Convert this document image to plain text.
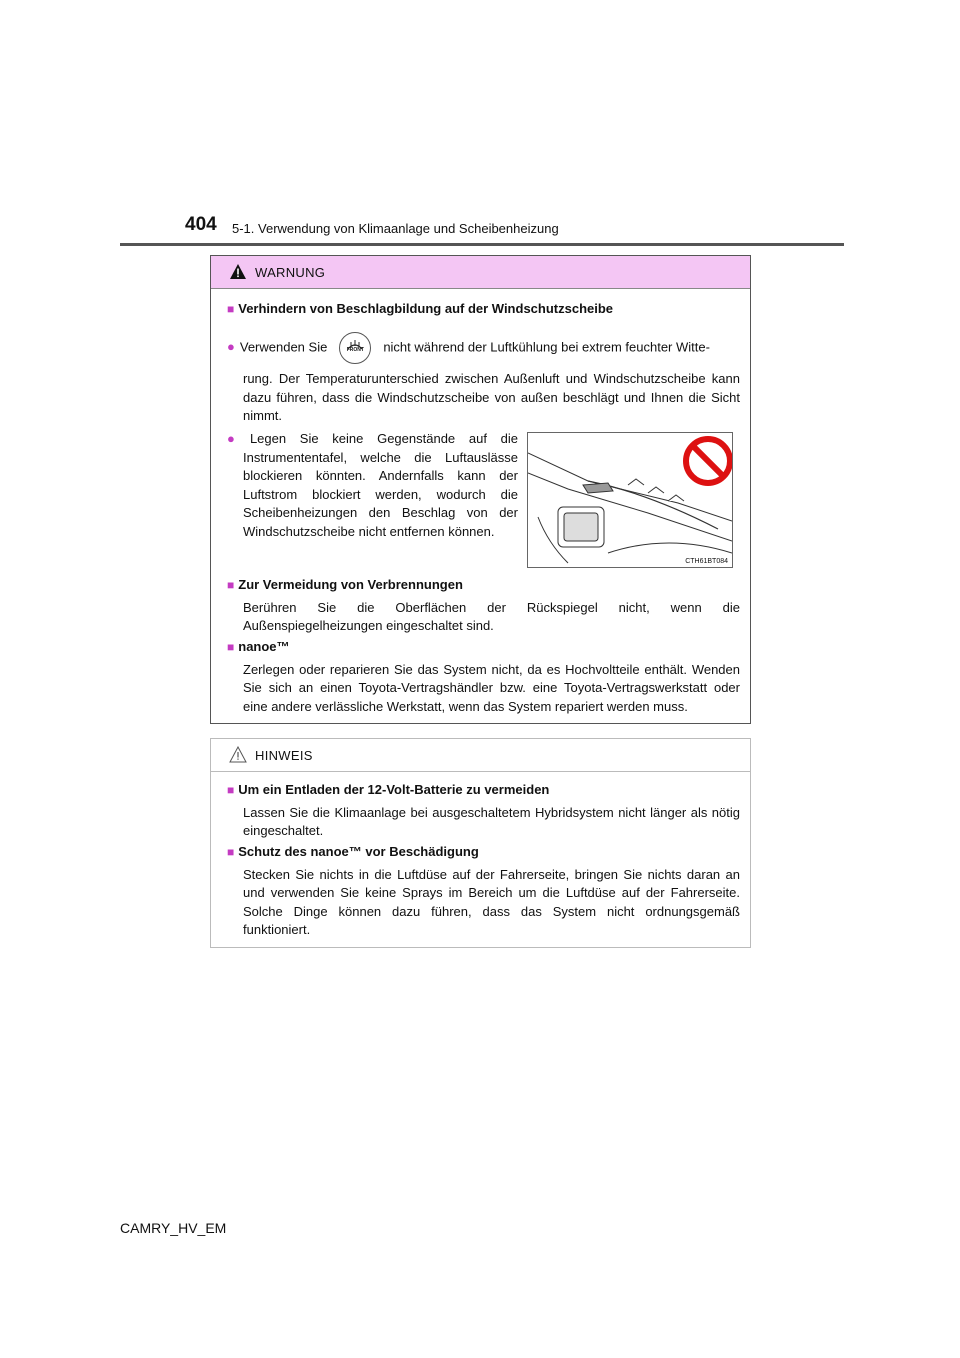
404 5-1. Verwendung von Klimaanlage und Scheibenheizung
WARNUNG
■ Verhindern von Beschlagbildung auf der Windschutzscheibe
● Verwenden Sie	FRONT	nicht während der Luftkühlung bei extrem feuchter Witte-
rung. Der Temperaturunterschied zwischen Außenluft und Windschutzscheibe kann dazu führen, dass die Windschutzscheibe von außen beschlägt und Ihnen die Sicht nimmt.
● Legen Sie keine Gegenstände auf die Instrumententafel, welche die Luftauslässe blockieren könnten. Andernfalls kann der Luftstrom blockiert werden, wodurch die Scheibenheizungen den Beschlag von der Windschutzscheibe nicht entfernen können.
CTH61BT084
■ Zur Vermeidung von Verbrennungen
Berühren Sie die Oberflächen der Rückspiegel nicht, wenn die Außenspiegelheizungen eingeschaltet sind.
■ nanoe™
Zerlegen oder reparieren Sie das System nicht, da es Hochvoltteile enthält. Wenden Sie sich an einen Toyota-Vertragshändler bzw. eine Toyota-Vertragswerkstatt oder eine andere verlässliche Werkstatt, wenn das System repariert werden muss.
HINWEIS
■ Um ein Entladen der 12-Volt-Batterie zu vermeiden
Lassen Sie die Klimaanlage bei ausgeschaltetem Hybridsystem nicht länger als nötig eingeschaltet.
■ Schutz des nanoe™ vor Beschädigung
Stecken Sie nichts in die Luftdüse auf der Fahrerseite, bringen Sie nichts daran an und verwenden Sie keine Sprays im Bereich um die Luftdüse auf der Fahrerseite. Solche Dinge können dazu führen, dass das System nicht ordnungsgemäß funktioniert.
CAMRY_HV_EM
